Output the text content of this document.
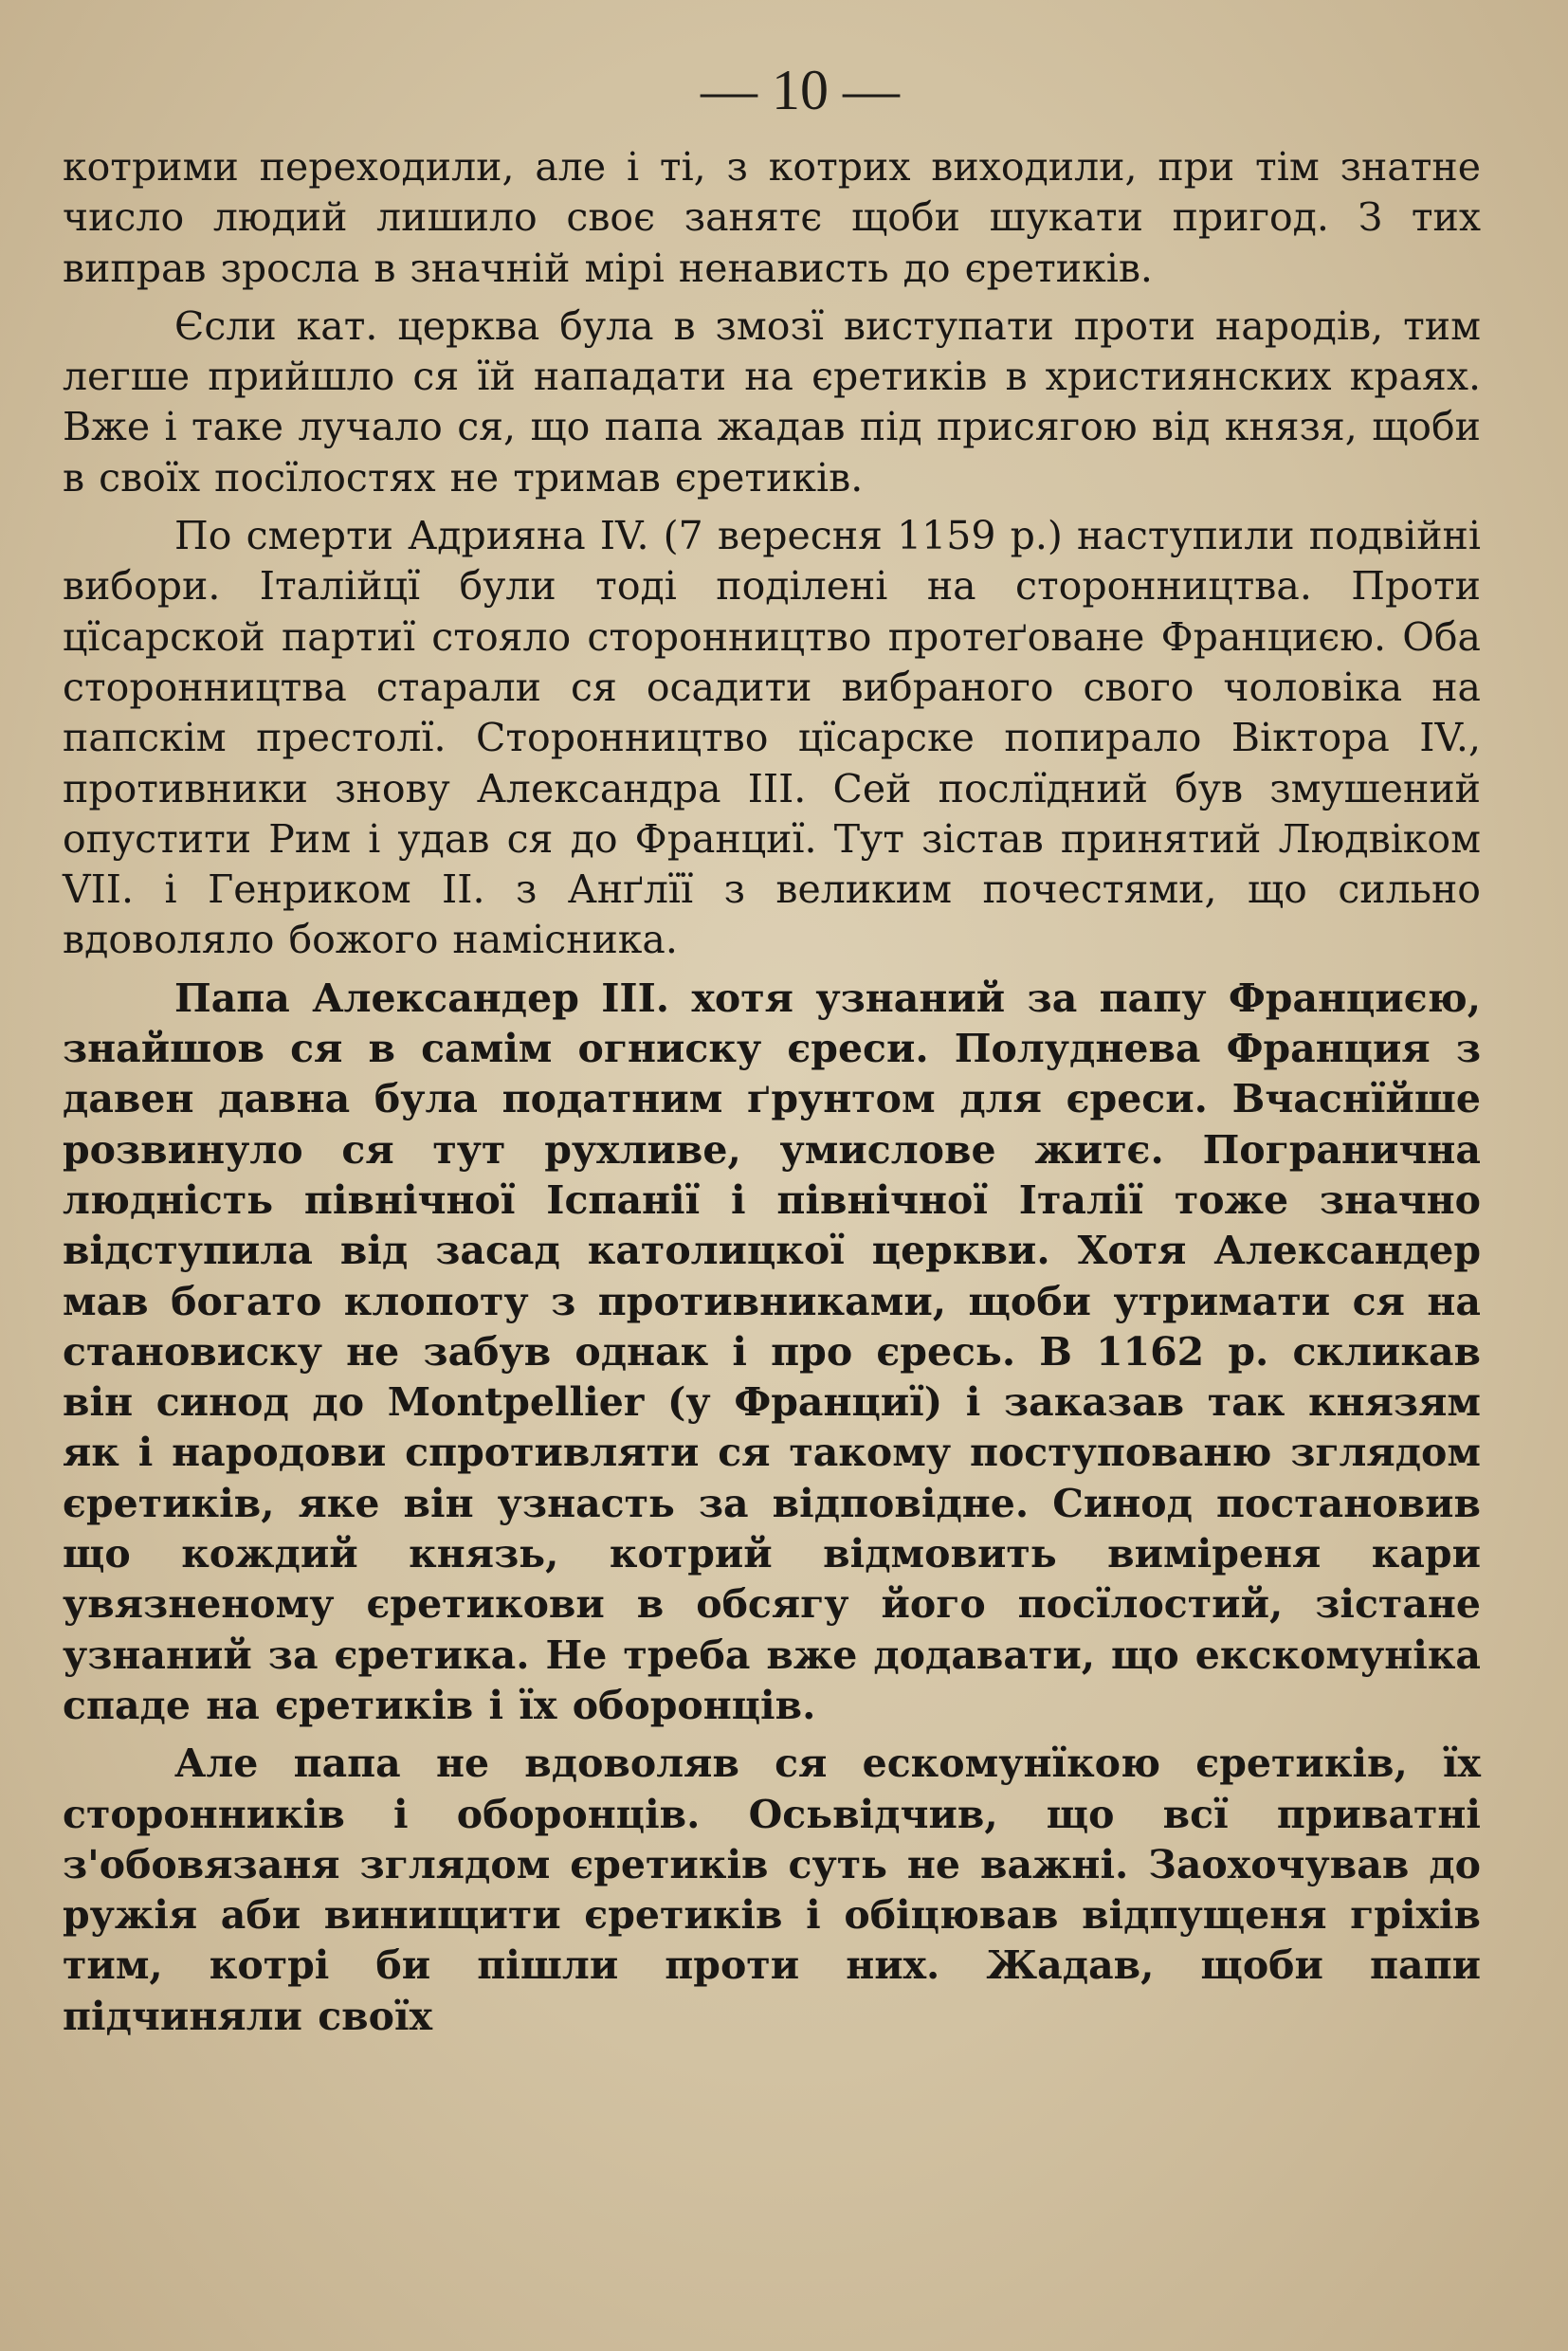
— 10 —

котрими переходили, але і ті, з котрих виходили, при тім знатне число людий лишило своє занятє щоби шукати пригод. З тих виправ зросла в значній мірі ненависть до єретиків.

Єсли кат. церква була в змозї виступати проти народів, тим легше прийшло ся їй нападати на єретиків в християнских краях. Вже і таке лучало ся, що папа жадав під присягою від князя, щоби в своїх посїлостях не тримав єретиків.

По смерти Адрияна IV. (7 вересня 1159 р.) наступили подвійні вибори. Італійцї були тоді поділені на сторонництва. Проти цїсарской партиї стояло сторонництво протеґоване Франциєю. Оба сторонництва старали ся осадити вибраного свого чоловіка на папскім престолї. Сторонництво цїсарске попирало Віктора IV., противники знову Александра III. Сей послїдний був змушений опустити Рим і удав ся до Франциї. Тут зістав принятий Людвіком VII. і Генриком II. з Анґлїї з великим почестями, що сильно вдоволяло божого намісника.

Папа Александер III. хотя узнаний за папу Франциєю, знайшов ся в самім огниску єреси. Полуднева Франция з давен давна була податним ґрунтом для єреси. Вчаснїйше розвинуло ся тут рухливе, умислове житє. Погранична людність північної Іспанії і північної Італії тоже значно відступила від засад католицкої церкви. Хотя Александер мав богато клопоту з противниками, щоби утримати ся на становиску не забув однак і про єресь. В 1162 р. скликав він синод до Montpellier (у Франциї) і заказав так князям як і народови спротивляти ся такому поступованю зглядом єретиків, яке він узнасть за відповідне. Синод постановив що кождий князь, котрий відмовить виміреня кари увязненому єретикови в обсягу його посїлостий, зістане узнаний за єретика. Не треба вже додавати, що екскомуніка спаде на єретиків і їх оборонців.

Але папа не вдоволяв ся ескомунїкою єретиків, їх сторонників і оборонців. Осьвідчив, що всї приватні з'обовязаня зглядом єретиків суть не важні. Заохочував до ружія аби винищити єретиків і обіцював відпущеня гріхів тим, котрі би пішли проти них. Жадав, щоби папи підчиняли своїх
